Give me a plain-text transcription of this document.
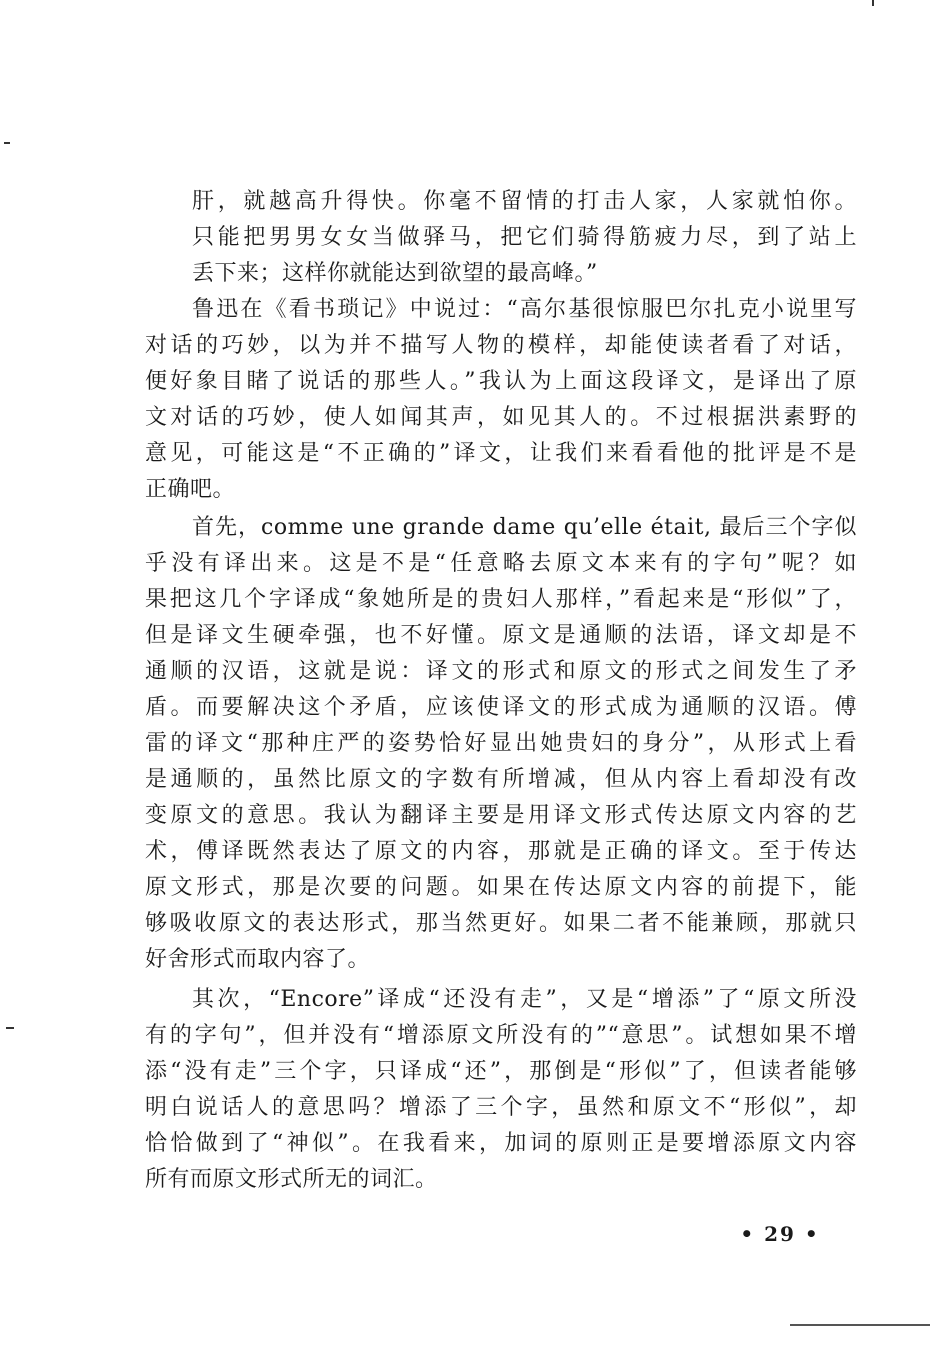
肝，就越高升得快。你毫不留情的打击人家，人家就怕你。
只能把男男女女当做驿马，把它们骑得筋疲力尽，到了站上
丢下来；这样你就能达到欲望的最高峰。”
鲁迅在《看书琐记》中说过：“高尔基很惊服巴尔扎克小说里写
对话的巧妙，以为并不描写人物的模样，却能使读者看了对话，
便好象目睹了说话的那些人。”我认为上面这段译文，是译出了原
文对话的巧妙，使人如闻其声，如见其人的。不过根据洪素野的
意见，可能这是“不正确的”译文，让我们来看看他的批评是不是
正确吧。
首先，comme une grande dame qu’elle était, 最后三个字似
乎没有译出来。这是不是“任意略去原文本来有的字句”呢？如
果把这几个字译成“象她所是的贵妇人那样，”看起来是“形似”了，
但是译文生硬牵强，也不好懂。原文是通顺的法语，译文却是不
通顺的汉语，这就是说：译文的形式和原文的形式之间发生了矛
盾。而要解决这个矛盾，应该使译文的形式成为通顺的汉语。傅
雷的译文“那种庄严的姿势恰好显出她贵妇的身分”，从形式上看
是通顺的，虽然比原文的字数有所增减，但从内容上看却没有改
变原文的意思。我认为翻译主要是用译文形式传达原文内容的艺
术，傅译既然表达了原文的内容，那就是正确的译文。至于传达
原文形式，那是次要的问题。如果在传达原文内容的前提下，能
够吸收原文的表达形式，那当然更好。如果二者不能兼顾，那就只
好舍形式而取内容了。
其次，“Encore”译成“还没有走”，又是“增添”了“原文所没
有的字句”，但并没有“增添原文所没有的”“意思”。试想如果不增
添“没有走”三个字，只译成“还”，那倒是“形似”了，但读者能够
明白说话人的意思吗？增添了三个字，虽然和原文不“形似”，却
恰恰做到了“神似”。在我看来，加词的原则正是要增添原文内容
所有而原文形式所无的词汇。
• 29 •
